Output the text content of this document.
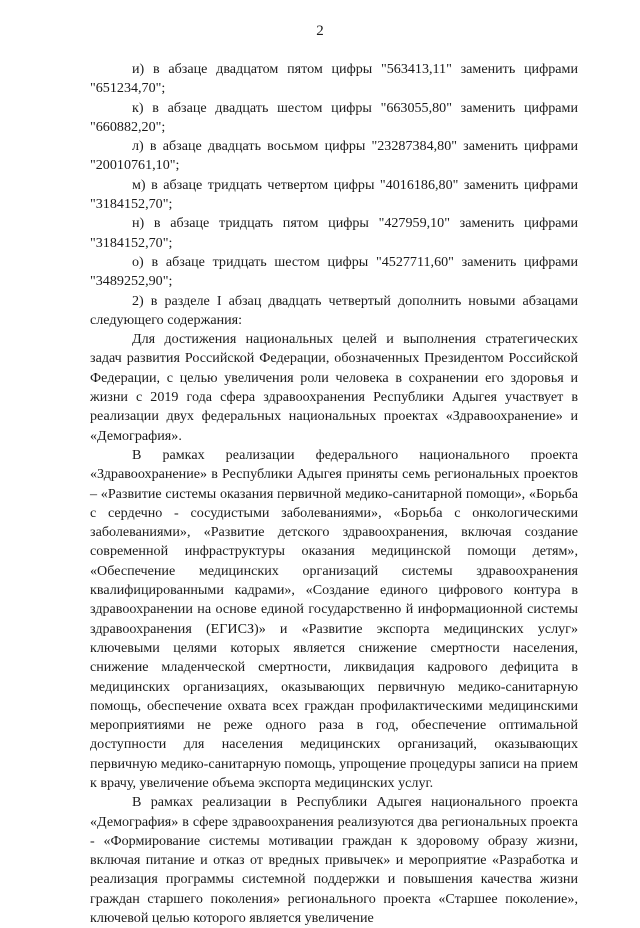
2

и) в абзаце двадцатом пятом цифры "563413,11" заменить цифрами "651234,70";

к) в абзаце двадцать шестом цифры "663055,80" заменить цифрами "660882,20";

л) в абзаце двадцать восьмом цифры "23287384,80" заменить цифрами "20010761,10";

м) в абзаце тридцать четвертом цифры "4016186,80" заменить цифрами "3184152,70";

н) в абзаце тридцать пятом цифры "427959,10" заменить цифрами "3184152,70";

о) в абзаце тридцать шестом цифры "4527711,60" заменить цифрами "3489252,90";

2) в разделе I абзац двадцать четвертый дополнить новыми абзацами следующего содержания:

Для достижения национальных целей и выполнения стратегических задач развития Российской Федерации, обозначенных Президентом Российской Федерации, с целью увеличения роли человека в сохранении его здоровья и жизни с 2019 года сфера здравоохранения Республики Адыгея участвует в реализации двух федеральных национальных проектах «Здравоохранение» и «Демография».

В рамках реализации федерального национального проекта «Здравоохранение» в Республики Адыгея приняты семь региональных проектов – «Развитие системы оказания первичной медико-санитарной помощи», «Борьба с сердечно - сосудистыми заболеваниями», «Борьба с онкологическими заболеваниями», «Развитие детского здравоохранения, включая создание современной инфраструктуры оказания медицинской помощи детям», «Обеспечение медицинских организаций системы здравоохранения квалифицированными кадрами», «Создание единого цифрового контура в здравоохранении на основе единой государственно й информационной системы здравоохранения (ЕГИСЗ)» и «Развитие экспорта медицинских услуг» ключевыми целями которых является снижение смертности населения, снижение младенческой смертности, ликвидация кадрового дефицита в медицинских организациях, оказывающих первичную медико-санитарную помощь, обеспечение охвата всех граждан профилактическими медицинскими мероприятиями не реже одного раза в год, обеспечение оптимальной доступности для населения медицинских организаций, оказывающих первичную медико-санитарную помощь, упрощение процедуры записи на прием к врачу, увеличение объема экспорта медицинских услуг.

В рамках реализации в Республики Адыгея национального проекта «Демография» в сфере здравоохранения реализуются два региональных проекта - «Формирование системы мотивации граждан к здоровому образу жизни, включая питание и отказ от вредных привычек» и мероприятие «Разработка и реализация программы системной поддержки и повышения качества жизни граждан старшего поколения» регионального проекта «Старшее поколение», ключевой целью которого является увеличение
